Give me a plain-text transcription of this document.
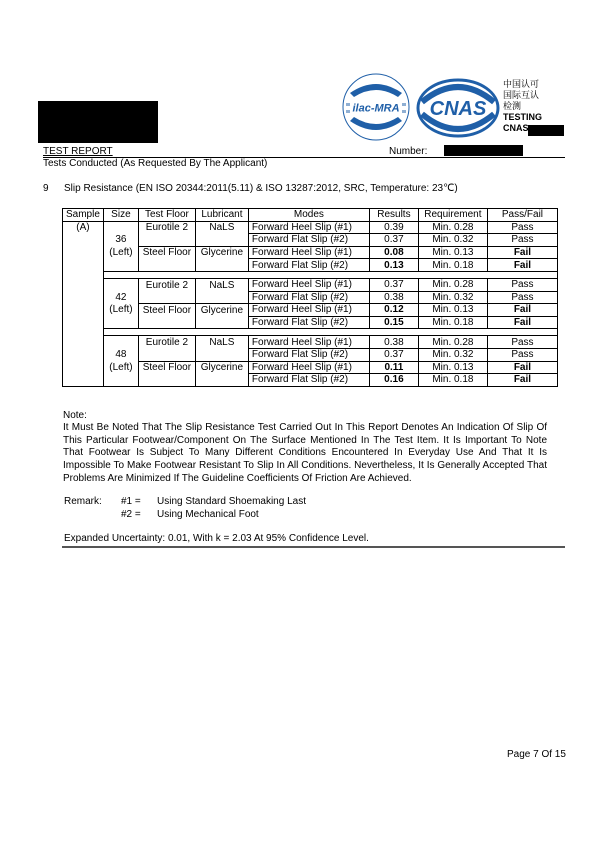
ilac-MRA CNAS
中国认可
国际互认
检测
TESTING
CNAS
TEST REPORT	Number:
Tests Conducted (As Requested By The Applicant)
9 Slip Resistance (EN ISO 20344:2011(5.11) & ISO 13287:2012, SRC, Temperature: 23℃)
Sample	Size	Test Floor	Lubricant	Modes	Results	Requirement	Pass/Fail
(A)		Eurotile 2	NaLS	Forward Heel Slip (#1)	0.39	Min. 0.28	Pass
	36			Forward Flat Slip (#2)	0.37	Min. 0.32	Pass
	(Left)	Steel Floor	Glycerine	Forward Heel Slip (#1)	0.08	Min. 0.13	Fail
				Forward Flat Slip (#2)	0.13	Min. 0.18	Fail

		Eurotile 2	NaLS	Forward Heel Slip (#1)	0.37	Min. 0.28	Pass
	42			Forward Flat Slip (#2)	0.38	Min. 0.32	Pass
	(Left)	Steel Floor	Glycerine	Forward Heel Slip (#1)	0.12	Min. 0.13	Fail
				Forward Flat Slip (#2)	0.15	Min. 0.18	Fail

		Eurotile 2	NaLS	Forward Heel Slip (#1)	0.38	Min. 0.28	Pass
	48			Forward Flat Slip (#2)	0.37	Min. 0.32	Pass
	(Left)	Steel Floor	Glycerine	Forward Heel Slip (#1)	0.11	Min. 0.13	Fail
				Forward Flat Slip (#2)	0.16	Min. 0.18	Fail
Note:
It Must Be Noted That The Slip Resistance Test Carried Out In This Report Denotes An Indication Of Slip Of This Particular Footwear/Component On The Surface Mentioned In The Test Item. It Is Important To Note That Footwear Is Subject To Many Different Conditions Encountered In Everyday Use And That It Is Impossible To Make Footwear Resistant To Slip In All Conditions. Nevertheless, It Is Generally Accepted That Problems Are Minimized If The Guideline Coefficients Of Friction Are Achieved.
Remark: #1 = Using Standard Shoemaking Last
#2 = Using Mechanical Foot
Expanded Uncertainty: 0.01, With k = 2.03 At 95% Confidence Level.
Page 7 Of 15
